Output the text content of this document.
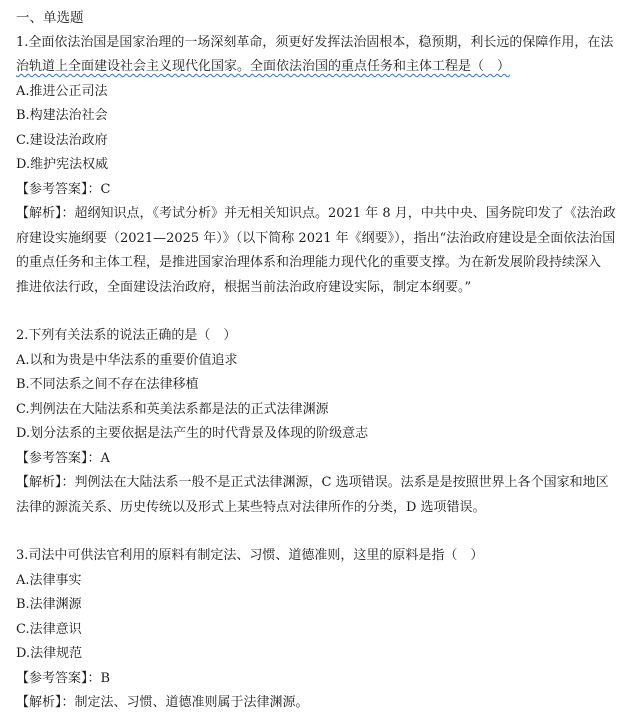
一、单选题
1.全面依法治国是国家治理的一场深刻革命，须更好发挥法治固根本，稳预期，利长远的保障作用，在法
治轨道上全面建设社会主义现代化国家。全面依法治国的重点任务和主体工程是（　）
A.推进公正司法
B.构建法治社会
C.建设法治政府
D.维护宪法权威
【参考答案】：C
【解析】：超纲知识点，《考试分析》并无相关知识点。2021 年 8 月，中共中央、国务院印发了《法治政
府建设实施纲要（2021—2025 年）》（以下简称 2021 年《纲要》），指出“法治政府建设是全面依法治国
的重点任务和主体工程，是推进国家治理体系和治理能力现代化的重要支撑。为在新发展阶段持续深入
推进依法行政，全面建设法治政府，根据当前法治政府建设实际，制定本纲要。”
2.下列有关法系的说法正确的是（　）
A.以和为贵是中华法系的重要价值追求
B.不同法系之间不存在法律移植
C.判例法在大陆法系和英美法系都是法的正式法律渊源
D.划分法系的主要依据是法产生的时代背景及体现的阶级意志
【参考答案】：A
【解析】：判例法在大陆法系一般不是正式法律渊源，C 选项错误。法系是是按照世界上各个国家和地区
法律的源流关系、历史传统以及形式上某些特点对法律所作的分类，D 选项错误。
3.司法中可供法官利用的原料有制定法、习惯、道德准则，这里的原料是指（　）
A.法律事实
B.法律渊源
C.法律意识
D.法律规范
【参考答案】：B
【解析】：制定法、习惯、道德准则属于法律渊源。
